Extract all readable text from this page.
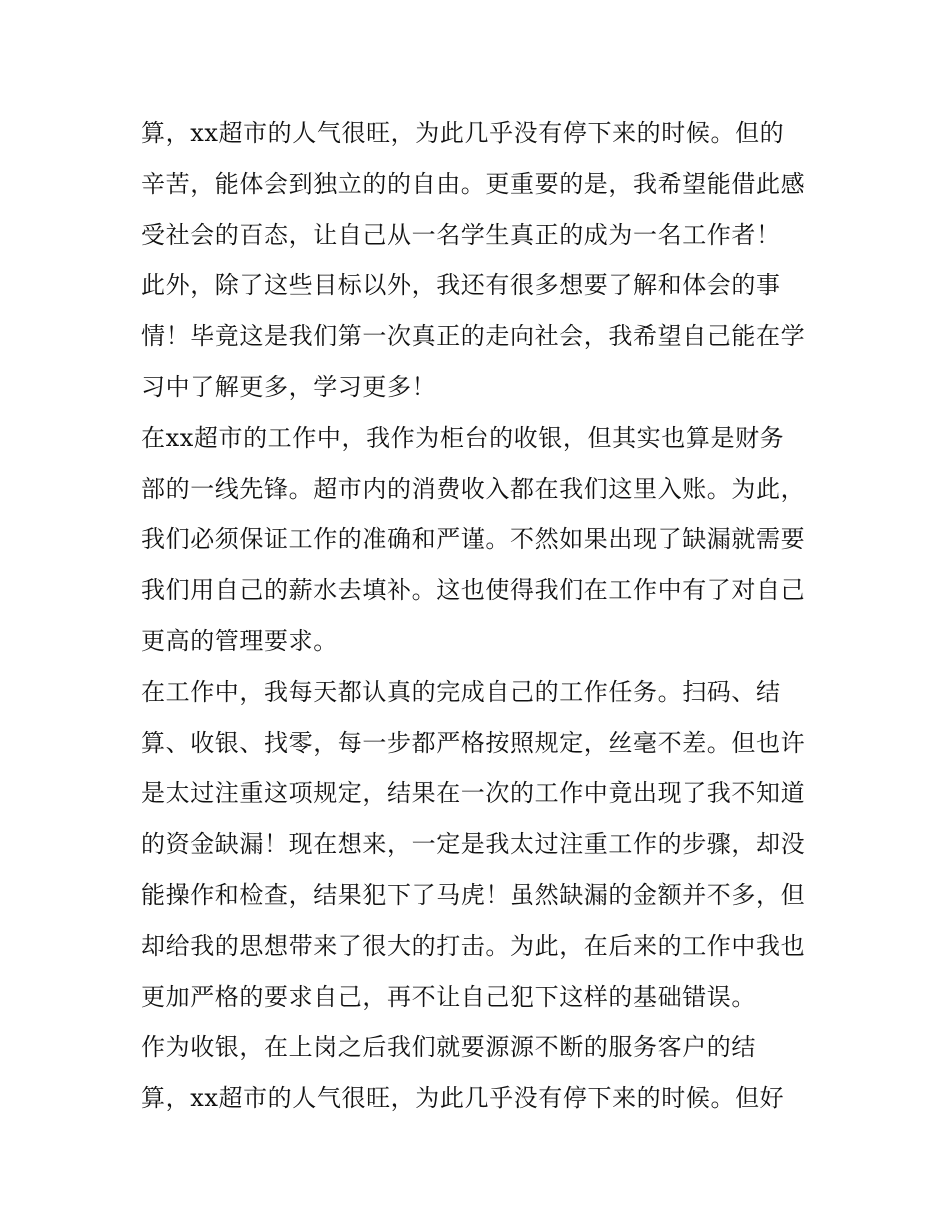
算，xx超市的人气很旺，为此几乎没有停下来的时候。但的
辛苦，能体会到独立的的自由。更重要的是，我希望能借此感
受社会的百态，让自己从一名学生真正的成为一名工作者！
此外，除了这些目标以外，我还有很多想要了解和体会的事
情！毕竟这是我们第一次真正的走向社会，我希望自己能在学
习中了解更多，学习更多！
在xx超市的工作中，我作为柜台的收银，但其实也算是财务
部的一线先锋。超市内的消费收入都在我们这里入账。为此，
我们必须保证工作的准确和严谨。不然如果出现了缺漏就需要
我们用自己的薪水去填补。这也使得我们在工作中有了对自己
更高的管理要求。
在工作中，我每天都认真的完成自己的工作任务。扫码、结
算、收银、找零，每一步都严格按照规定，丝毫不差。但也许
是太过注重这项规定，结果在一次的工作中竟出现了我不知道
的资金缺漏！现在想来，一定是我太过注重工作的步骤，却没
能操作和检查，结果犯下了马虎！虽然缺漏的金额并不多，但
却给我的思想带来了很大的打击。为此，在后来的工作中我也
更加严格的要求自己，再不让自己犯下这样的基础错误。
作为收银，在上岗之后我们就要源源不断的服务客户的结
算，xx超市的人气很旺，为此几乎没有停下来的时候。但好
